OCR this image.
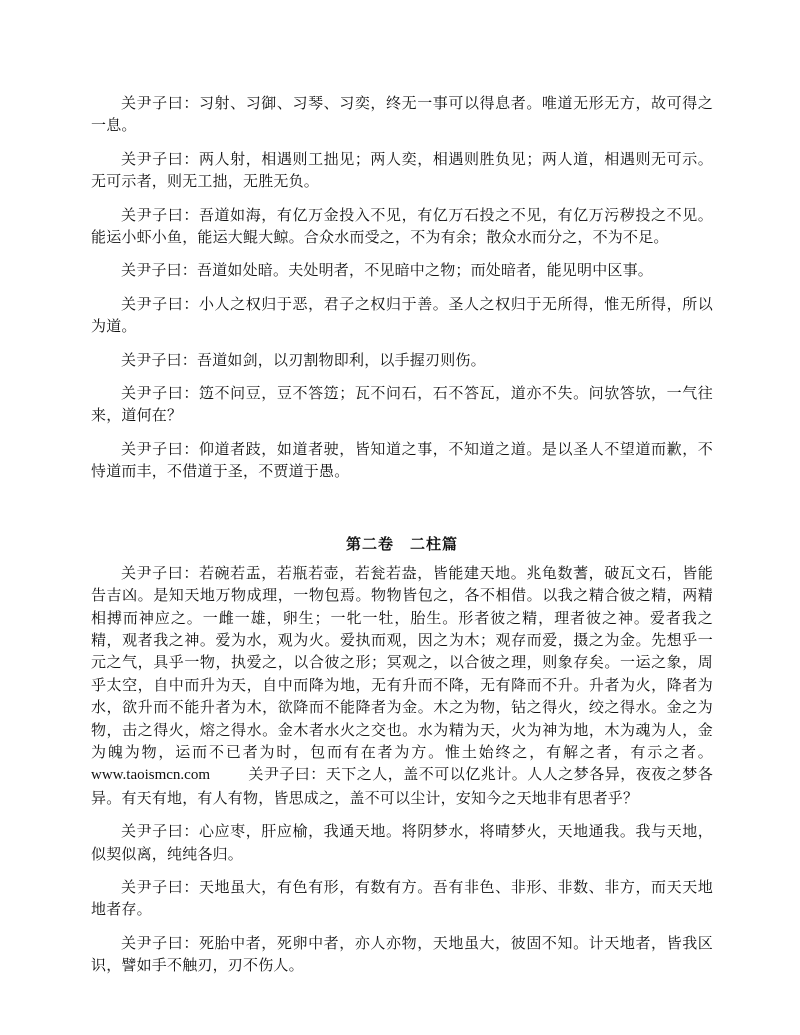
关尹子曰：习射、习御、习琴、习奕，终无一事可以得息者。唯道无形无方，故可得之一息。

关尹子曰：两人射，相遇则工拙见；两人奕，相遇则胜负见；两人道，相遇则无可示。无可示者，则无工拙，无胜无负。

关尹子曰：吾道如海，有亿万金投入不见，有亿万石投之不见，有亿万污秽投之不见。能运小虾小鱼，能运大鲲大鲸。合众水而受之，不为有余；散众水而分之，不为不足。

关尹子曰：吾道如处暗。夫处明者，不见暗中之物；而处暗者，能见明中区事。

关尹子曰：小人之权归于恶，君子之权归于善。圣人之权归于无所得，惟无所得，所以为道。

关尹子曰：吾道如剑，以刃割物即利，以手握刃则伤。

关尹子曰：笾不问豆，豆不答笾；瓦不问石，石不答瓦，道亦不失。问欤答欤，一气往来，道何在？

关尹子曰：仰道者跂，如道者驶，皆知道之事，不知道之道。是以圣人不望道而歉，不恃道而丰，不借道于圣，不贾道于愚。

第二卷　二柱篇

关尹子曰：若碗若盂，若瓶若壶，若瓮若盎，皆能建天地。兆龟数蓍，破瓦文石，皆能告吉凶。是知天地万物成理，一物包焉。物物皆包之，各不相借。以我之精合彼之精，两精相搏而神应之。一雌一雄，卵生；一牝一牡，胎生。形者彼之精，理者彼之神。爱者我之精，观者我之神。爱为水，观为火。爱执而观，因之为木；观存而爱，摄之为金。先想乎一元之气，具乎一物，执爱之，以合彼之形；冥观之，以合彼之理，则象存矣。一运之象，周乎太空，自中而升为天，自中而降为地，无有升而不降，无有降而不升。升者为火，降者为水，欲升而不能升者为木，欲降而不能降者为金。木之为物，钻之得火，绞之得水。金之为物，击之得火，熔之得水。金木者水火之交也。水为精为天，火为神为地，木为魂为人，金为魄为物，运而不已者为时，包而有在者为方。惟土始终之，有解之者，有示之者。www.taoismcn.com	关尹子曰：天下之人，盖不可以亿兆计。人人之梦各异，夜夜之梦各异。有天有地，有人有物，皆思成之，盖不可以尘计，安知今之天地非有思者乎？

关尹子曰：心应枣，肝应榆，我通天地。将阴梦水，将晴梦火，天地通我。我与天地，似契似离，纯纯各归。

关尹子曰：天地虽大，有色有形，有数有方。吾有非色、非形、非数、非方，而天天地地者存。

关尹子曰：死胎中者，死卵中者，亦人亦物，天地虽大，彼固不知。计天地者，皆我区识，譬如手不触刃，刃不伤人。
